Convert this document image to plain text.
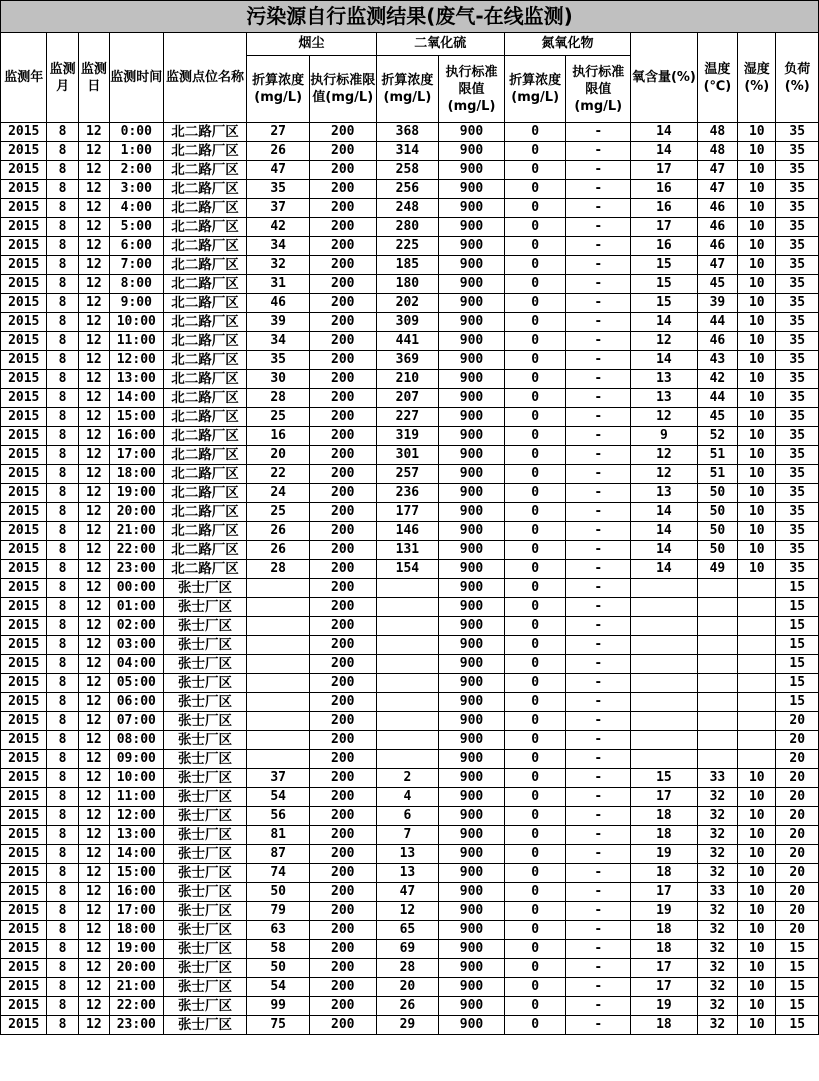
污染源自行监测结果(废气-在线监测)
监测年	监测月	监测日	监测时间	监测点位名称	烟尘		二氧化硫		氮氧化物		氧含量(%)	温度(℃)	湿度(%)	负荷(%)

					折算浓度(mg/L)	执行标准限值(mg/L)	折算浓度(mg/L)	执行标准限值(mg/L)	折算浓度(mg/L)	执行标准限值(mg/L)				

2015	8	12	0:00	北二路厂区	27	200	368	900	0	-	14	48	10	35
2015	8	12	1:00	北二路厂区	26	200	314	900	0	-	14	48	10	35
2015	8	12	2:00	北二路厂区	47	200	258	900	0	-	17	47	10	35
2015	8	12	3:00	北二路厂区	35	200	256	900	0	-	16	47	10	35
2015	8	12	4:00	北二路厂区	37	200	248	900	0	-	16	46	10	35
2015	8	12	5:00	北二路厂区	42	200	280	900	0	-	17	46	10	35
2015	8	12	6:00	北二路厂区	34	200	225	900	0	-	16	46	10	35
2015	8	12	7:00	北二路厂区	32	200	185	900	0	-	15	47	10	35
2015	8	12	8:00	北二路厂区	31	200	180	900	0	-	15	45	10	35
2015	8	12	9:00	北二路厂区	46	200	202	900	0	-	15	39	10	35
2015	8	12	10:00	北二路厂区	39	200	309	900	0	-	14	44	10	35
2015	8	12	11:00	北二路厂区	34	200	441	900	0	-	12	46	10	35
2015	8	12	12:00	北二路厂区	35	200	369	900	0	-	14	43	10	35
2015	8	12	13:00	北二路厂区	30	200	210	900	0	-	13	42	10	35
2015	8	12	14:00	北二路厂区	28	200	207	900	0	-	13	44	10	35
2015	8	12	15:00	北二路厂区	25	200	227	900	0	-	12	45	10	35
2015	8	12	16:00	北二路厂区	16	200	319	900	0	-	9	52	10	35
2015	8	12	17:00	北二路厂区	20	200	301	900	0	-	12	51	10	35
2015	8	12	18:00	北二路厂区	22	200	257	900	0	-	12	51	10	35
2015	8	12	19:00	北二路厂区	24	200	236	900	0	-	13	50	10	35
2015	8	12	20:00	北二路厂区	25	200	177	900	0	-	14	50	10	35
2015	8	12	21:00	北二路厂区	26	200	146	900	0	-	14	50	10	35
2015	8	12	22:00	北二路厂区	26	200	131	900	0	-	14	50	10	35
2015	8	12	23:00	北二路厂区	28	200	154	900	0	-	14	49	10	35
2015	8	12	00:00	张士厂区		200		900	0	-				15
2015	8	12	01:00	张士厂区		200		900	0	-				15
2015	8	12	02:00	张士厂区		200		900	0	-				15
2015	8	12	03:00	张士厂区		200		900	0	-				15
2015	8	12	04:00	张士厂区		200		900	0	-				15
2015	8	12	05:00	张士厂区		200		900	0	-				15
2015	8	12	06:00	张士厂区		200		900	0	-				15
2015	8	12	07:00	张士厂区		200		900	0	-				20
2015	8	12	08:00	张士厂区		200		900	0	-				20
2015	8	12	09:00	张士厂区		200		900	0	-				20
2015	8	12	10:00	张士厂区	37	200	2	900	0	-	15	33	10	20
2015	8	12	11:00	张士厂区	54	200	4	900	0	-	17	32	10	20
2015	8	12	12:00	张士厂区	56	200	6	900	0	-	18	32	10	20
2015	8	12	13:00	张士厂区	81	200	7	900	0	-	18	32	10	20
2015	8	12	14:00	张士厂区	87	200	13	900	0	-	19	32	10	20
2015	8	12	15:00	张士厂区	74	200	13	900	0	-	18	32	10	20
2015	8	12	16:00	张士厂区	50	200	47	900	0	-	17	33	10	20
2015	8	12	17:00	张士厂区	79	200	12	900	0	-	19	32	10	20
2015	8	12	18:00	张士厂区	63	200	65	900	0	-	18	32	10	20
2015	8	12	19:00	张士厂区	58	200	69	900	0	-	18	32	10	15
2015	8	12	20:00	张士厂区	50	200	28	900	0	-	17	32	10	15
2015	8	12	21:00	张士厂区	54	200	20	900	0	-	17	32	10	15
2015	8	12	22:00	张士厂区	99	200	26	900	0	-	19	32	10	15
2015	8	12	23:00	张士厂区	75	200	29	900	0	-	18	32	10	15
